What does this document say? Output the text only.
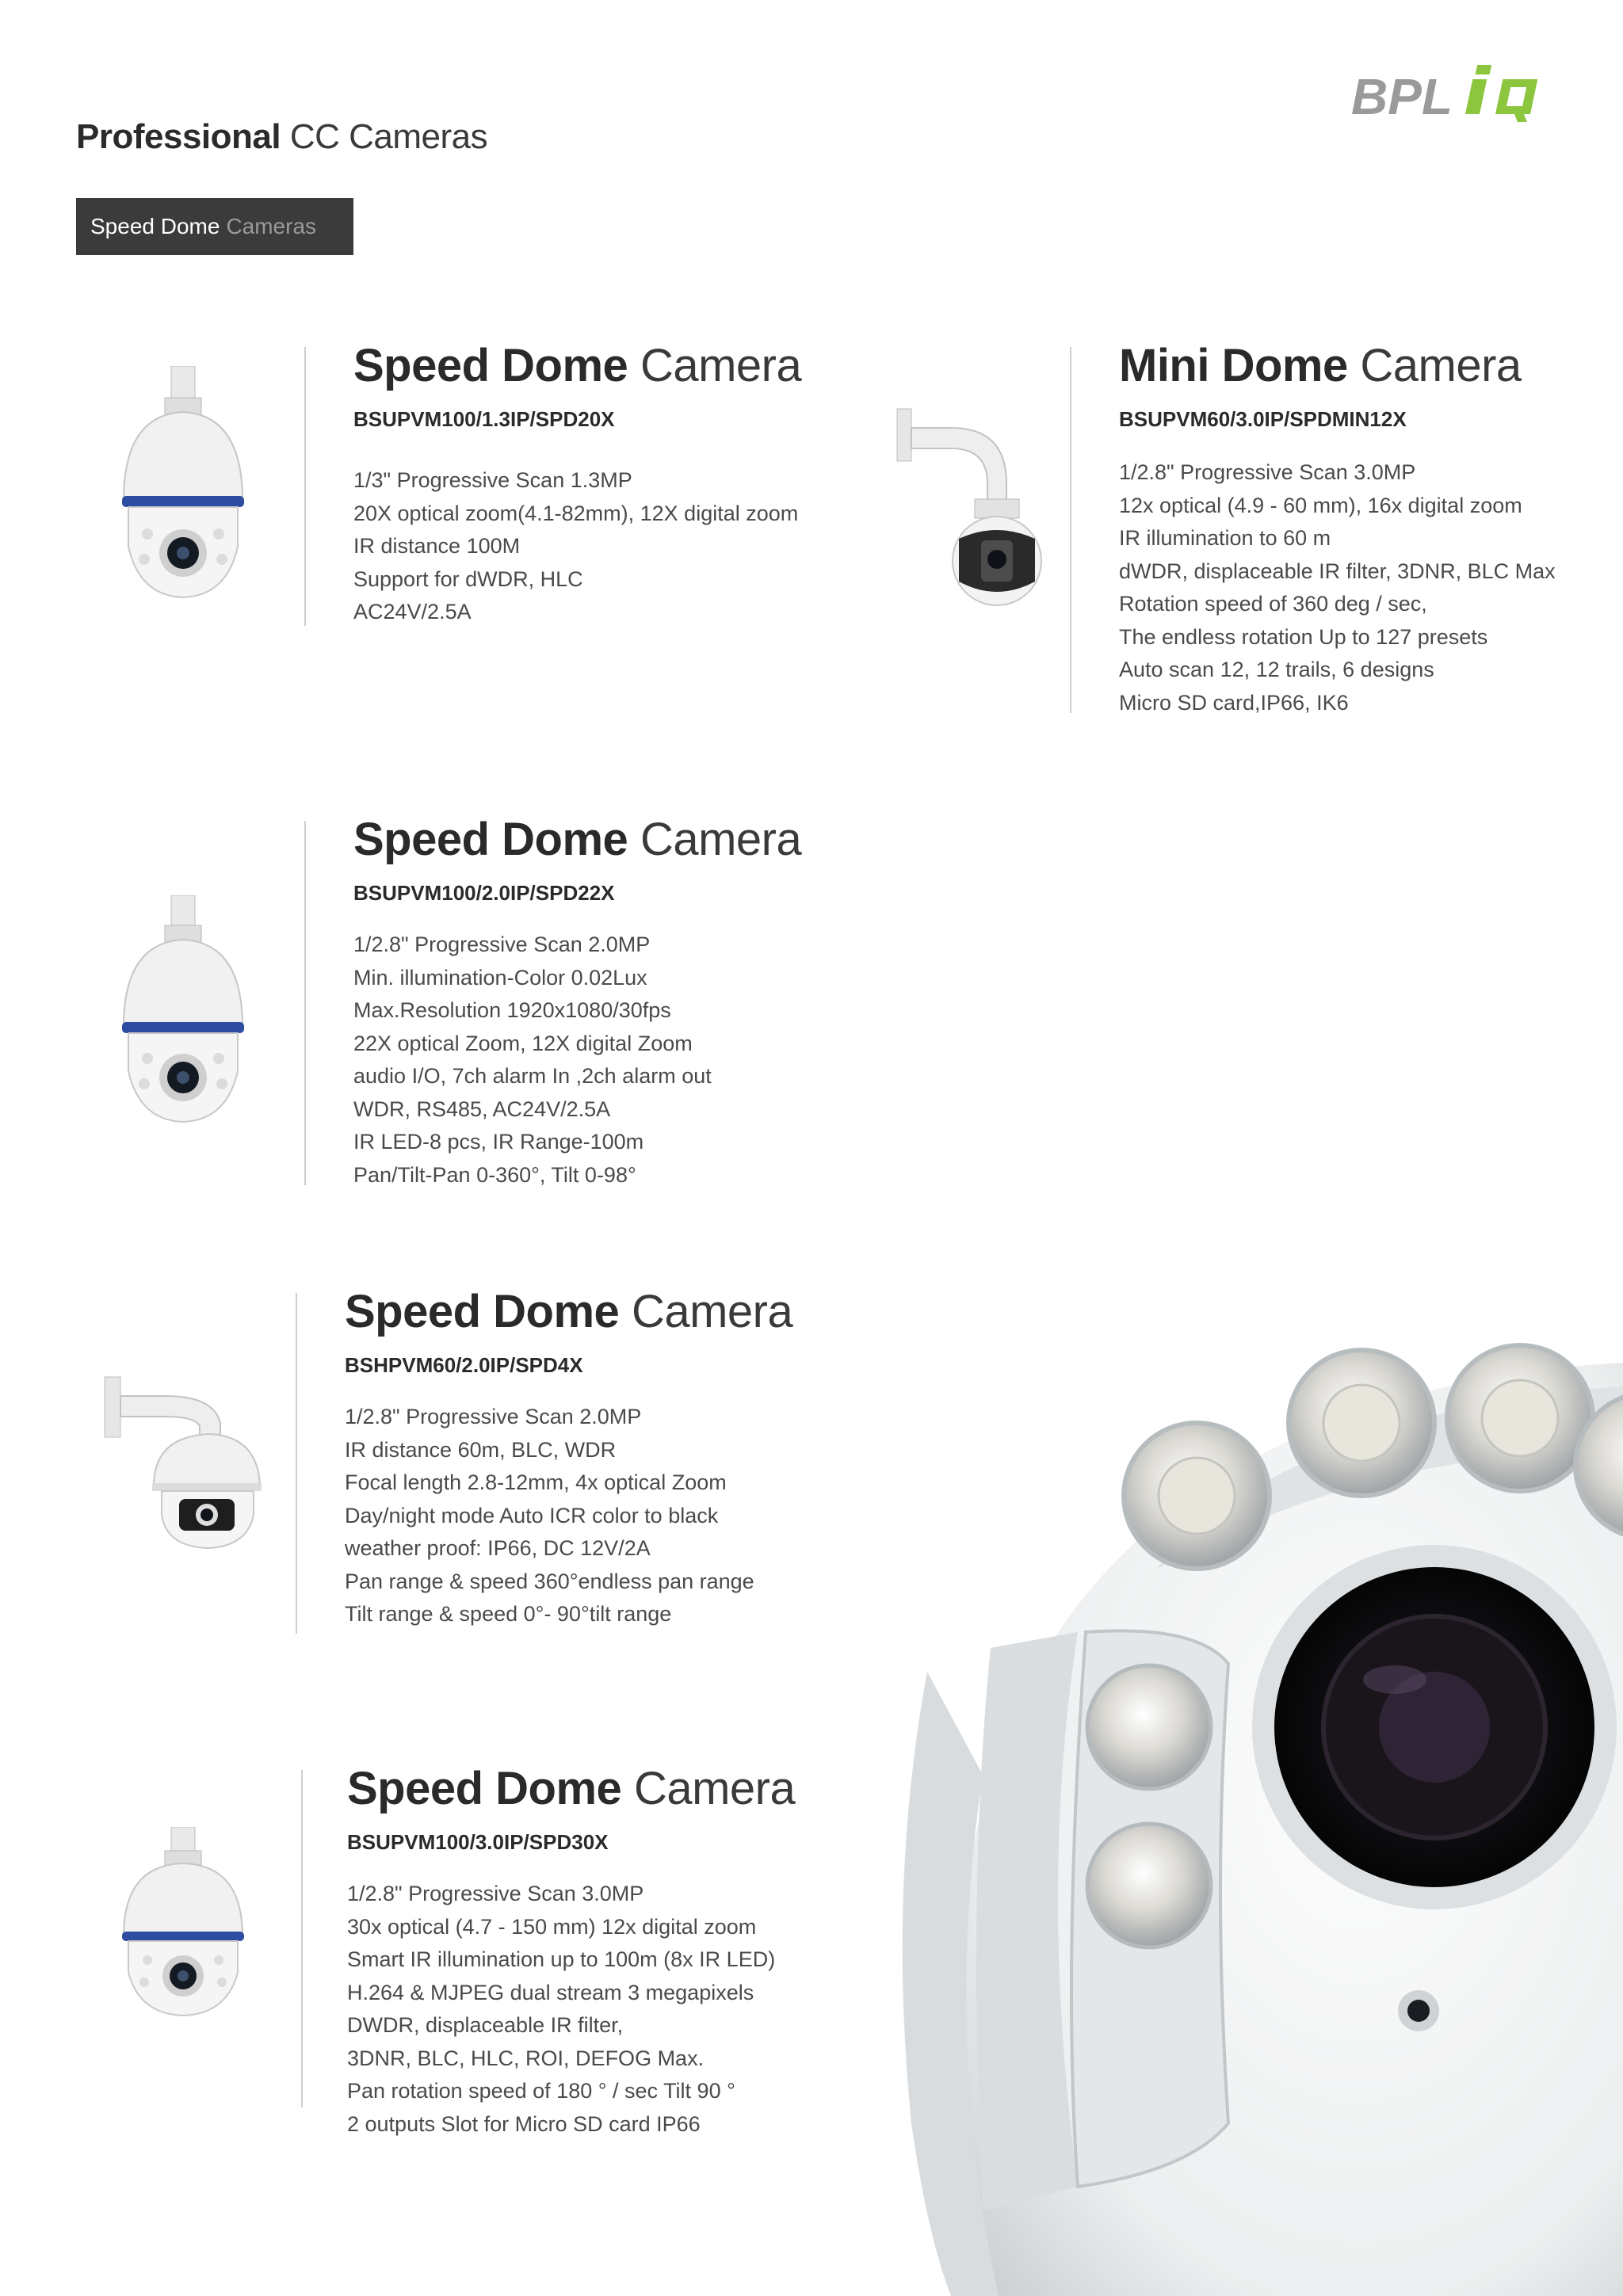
BPL
Professional CC Cameras
Speed Dome Cameras
Speed Dome Camera
BSUPVM100/1.3IP/SPD20X
1/3" Progressive Scan 1.3MP
20X optical zoom(4.1-82mm), 12X digital zoom
IR distance 100M
Support for dWDR, HLC
AC24V/2.5A
Mini Dome Camera
BSUPVM60/3.0IP/SPDMIN12X
1/2.8" Progressive Scan 3.0MP
12x optical (4.9 - 60 mm), 16x digital zoom
IR illumination to 60 m
dWDR, displaceable IR filter, 3DNR, BLC Max
Rotation speed of 360 deg / sec,
The endless rotation Up to 127 presets
Auto scan 12, 12 trails, 6 designs
Micro SD card,IP66, IK6
Speed Dome Camera
BSUPVM100/2.0IP/SPD22X
1/2.8" Progressive Scan 2.0MP
Min. illumination-Color 0.02Lux
Max.Resolution 1920x1080/30fps
22X optical Zoom, 12X digital Zoom
audio I/O, 7ch alarm In ,2ch alarm out
WDR, RS485, AC24V/2.5A
IR LED-8 pcs, IR Range-100m
Pan/Tilt-Pan 0-360°, Tilt 0-98°
Speed Dome Camera
BSHPVM60/2.0IP/SPD4X
1/2.8" Progressive Scan 2.0MP
IR distance 60m, BLC, WDR
Focal length 2.8-12mm, 4x optical Zoom
Day/night mode Auto ICR color to black
weather proof: IP66, DC 12V/2A
Pan range & speed 360°endless pan range
Tilt range & speed 0°- 90°tilt range
Speed Dome Camera
BSUPVM100/3.0IP/SPD30X
1/2.8" Progressive Scan 3.0MP
30x optical (4.7 - 150 mm) 12x digital zoom
Smart IR illumination up to 100m (8x IR LED)
H.264 & MJPEG dual stream 3 megapixels
DWDR, displaceable IR filter,
3DNR, BLC, HLC, ROI, DEFOG Max.
Pan rotation speed of 180 ° / sec Tilt 90 °
2 outputs Slot for Micro SD card IP66
